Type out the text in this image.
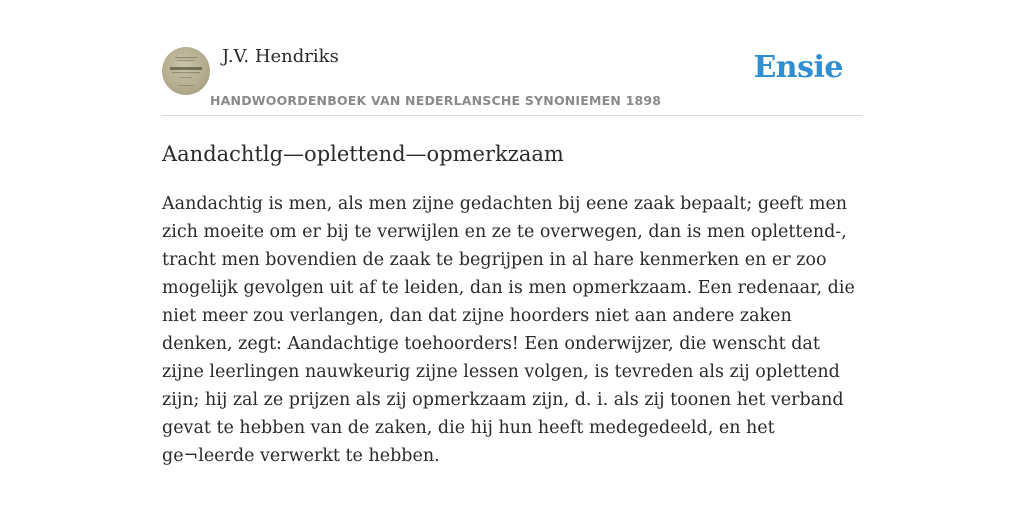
J.V. Hendriks
HANDWOORDENBOEK VAN NEDERLANSCHE SYNONIEMEN 1898
Ensie
Aandachtlg—oplettend—opmerkzaam

Aandachtig is men, als men zijne gedachten bij eene zaak bepaalt; geeft men zich moeite om er bij te verwijlen en ze te overwegen, dan is men oplettend-, tracht men bovendien de zaak te begrijpen in al hare kenmerken en er zoo mogelijk gevolgen uit af te leiden, dan is men opmerkzaam. Een redenaar, die niet meer zou verlangen, dan dat zijne hoorders niet aan andere zaken denken, zegt: Aandachtige toehoorders! Een onderwijzer, die wenscht dat zijne leerlingen nauwkeurig zijne lessen volgen, is tevreden als zij oplettend zijn; hij zal ze prijzen als zij opmerkzaam zijn, d. i. als zij toonen het verband gevat te hebben van de zaken, die hij hun heeft medegedeeld, en het ge¬leerde verwerkt te hebben.
